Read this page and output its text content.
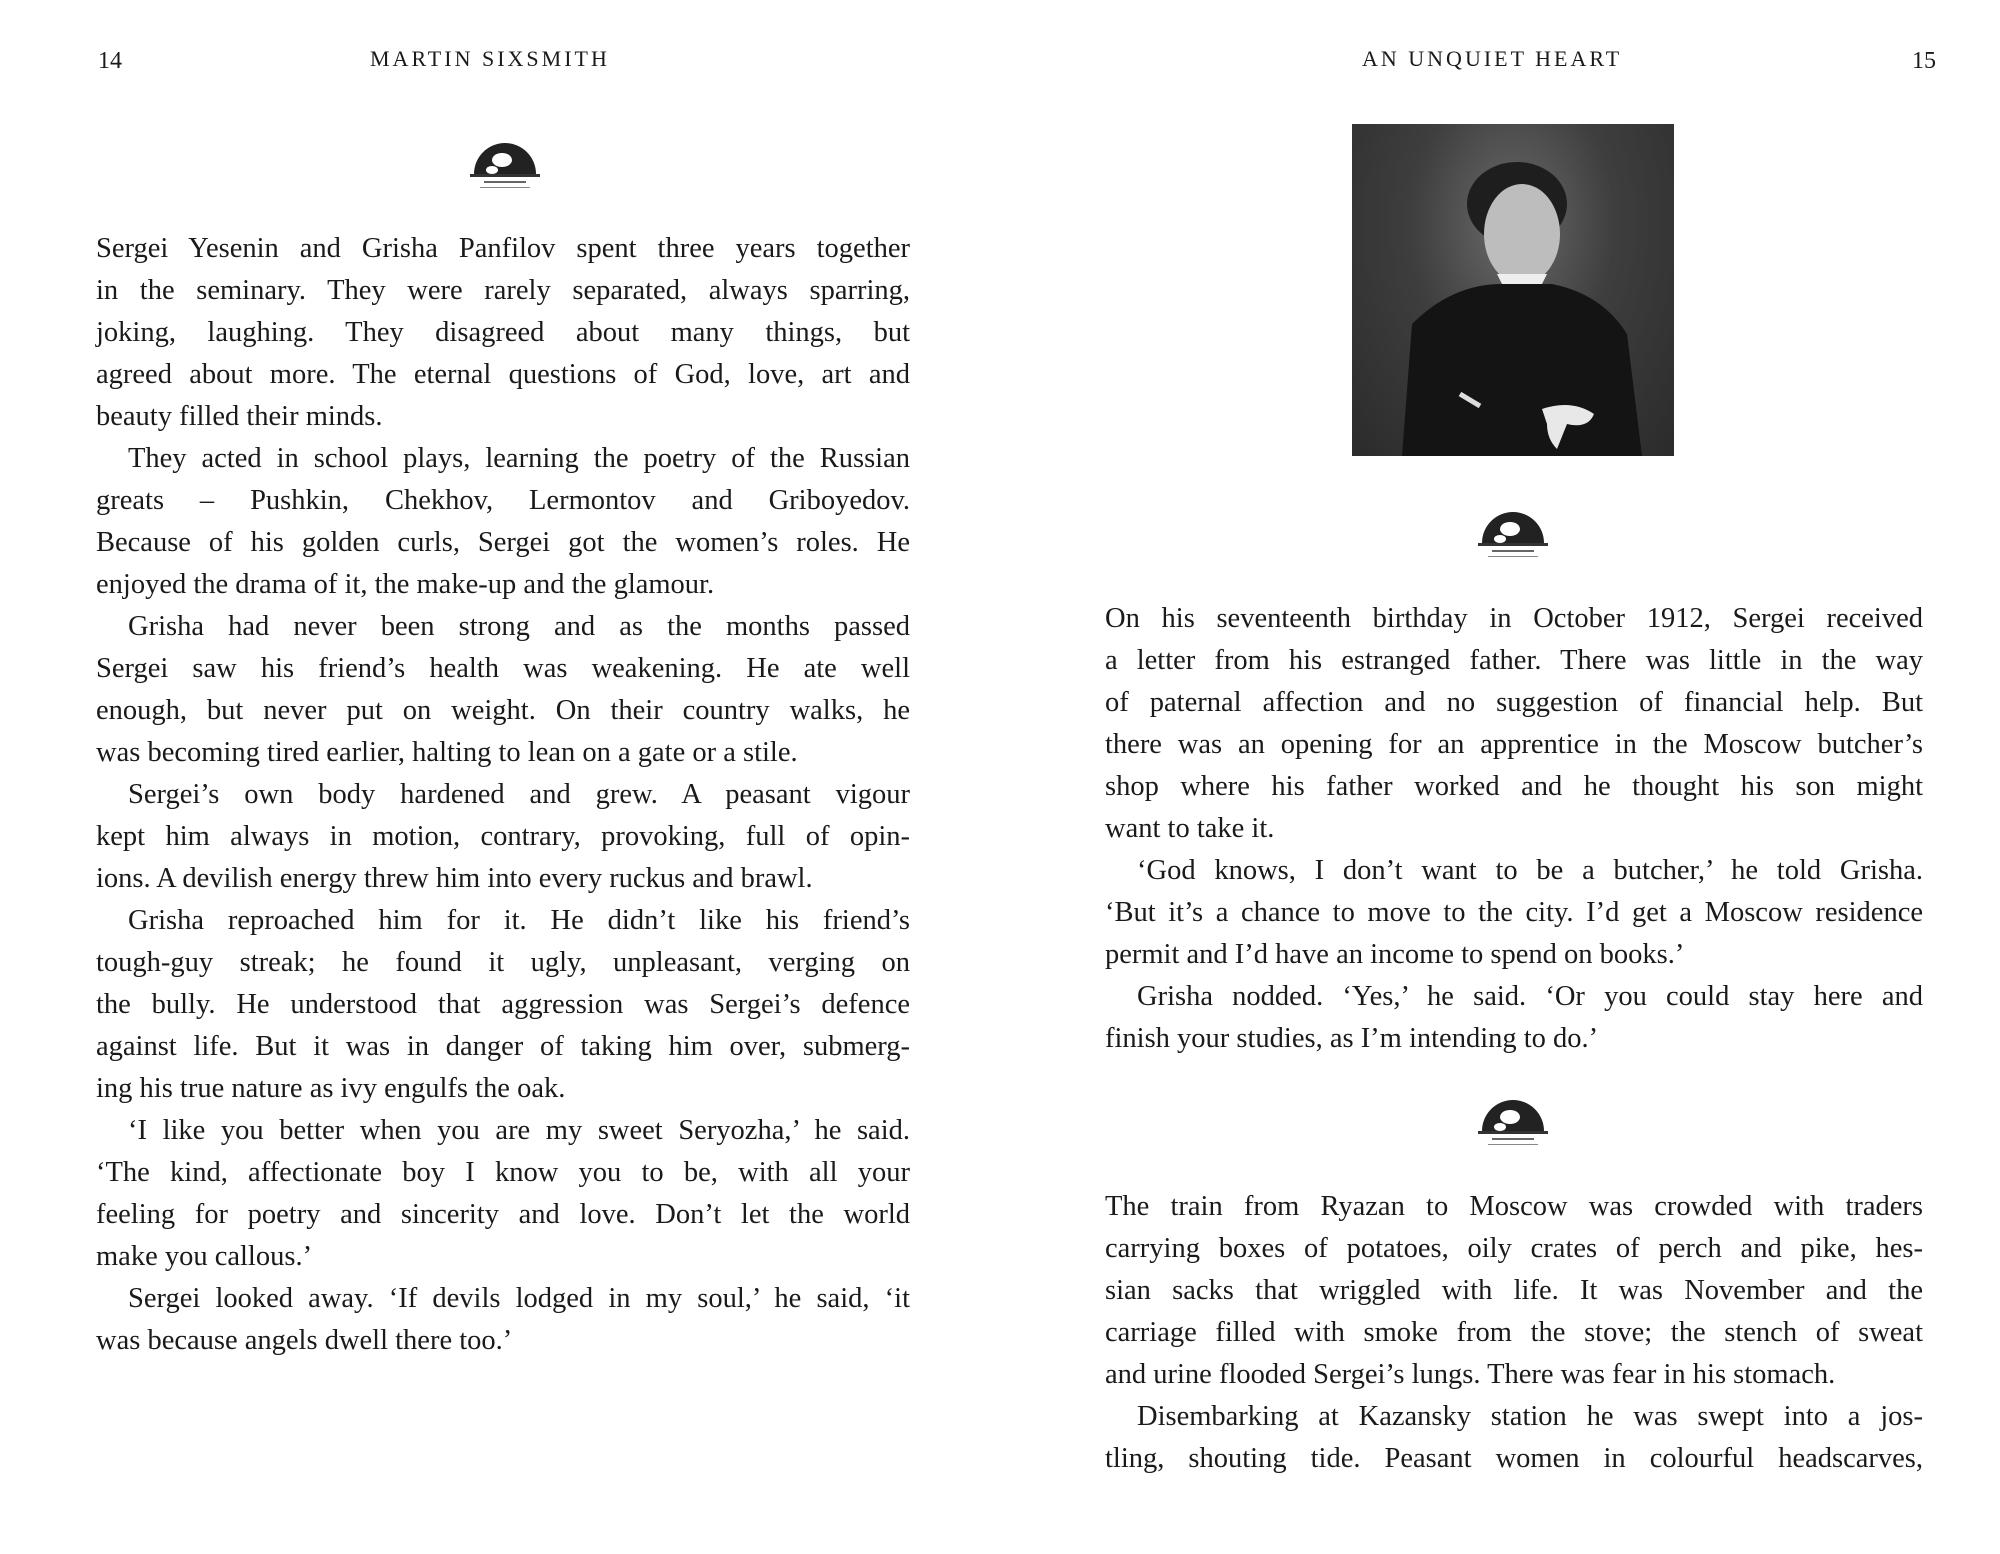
14	MARTIN SIXSMITH
Sergei Yesenin and Grisha Panfilov spent three years together
in the seminary. They were rarely separated, always sparring,
joking, laughing. They disagreed about many things, but
agreed about more. The eternal questions of God, love, art and
beauty filled their minds.
They acted in school plays, learning the poetry of the Russian
greats – Pushkin, Chekhov, Lermontov and Griboyedov.
Because of his golden curls, Sergei got the women’s roles. He
enjoyed the drama of it, the make-up and the glamour.
Grisha had never been strong and as the months passed
Sergei saw his friend’s health was weakening. He ate well
enough, but never put on weight. On their country walks, he
was becoming tired earlier, halting to lean on a gate or a stile.
Sergei’s own body hardened and grew. A peasant vigour
kept him always in motion, contrary, provoking, full of opin-
ions. A devilish energy threw him into every ruckus and brawl.
Grisha reproached him for it. He didn’t like his friend’s
tough-guy streak; he found it ugly, unpleasant, verging on
the bully. He understood that aggression was Sergei’s defence
against life. But it was in danger of taking him over, submerg-
ing his true nature as ivy engulfs the oak.
‘I like you better when you are my sweet Seryozha,’ he said.
‘The kind, affectionate boy I know you to be, with all your
feeling for poetry and sincerity and love. Don’t let the world
make you callous.’
Sergei looked away. ‘If devils lodged in my soul,’ he said, ‘it
was because angels dwell there too.’
AN UNQUIET HEART	15
On his seventeenth birthday in October 1912, Sergei received
a letter from his estranged father. There was little in the way
of paternal affection and no suggestion of financial help. But
there was an opening for an apprentice in the Moscow butcher’s
shop where his father worked and he thought his son might
want to take it.
‘God knows, I don’t want to be a butcher,’ he told Grisha.
‘But it’s a chance to move to the city. I’d get a Moscow residence
permit and I’d have an income to spend on books.’
Grisha nodded. ‘Yes,’ he said. ‘Or you could stay here and
finish your studies, as I’m intending to do.’
The train from Ryazan to Moscow was crowded with traders
carrying boxes of potatoes, oily crates of perch and pike, hes-
sian sacks that wriggled with life. It was November and the
carriage filled with smoke from the stove; the stench of sweat
and urine flooded Sergei’s lungs. There was fear in his stomach.
Disembarking at Kazansky station he was swept into a jos-
tling, shouting tide. Peasant women in colourful headscarves,
